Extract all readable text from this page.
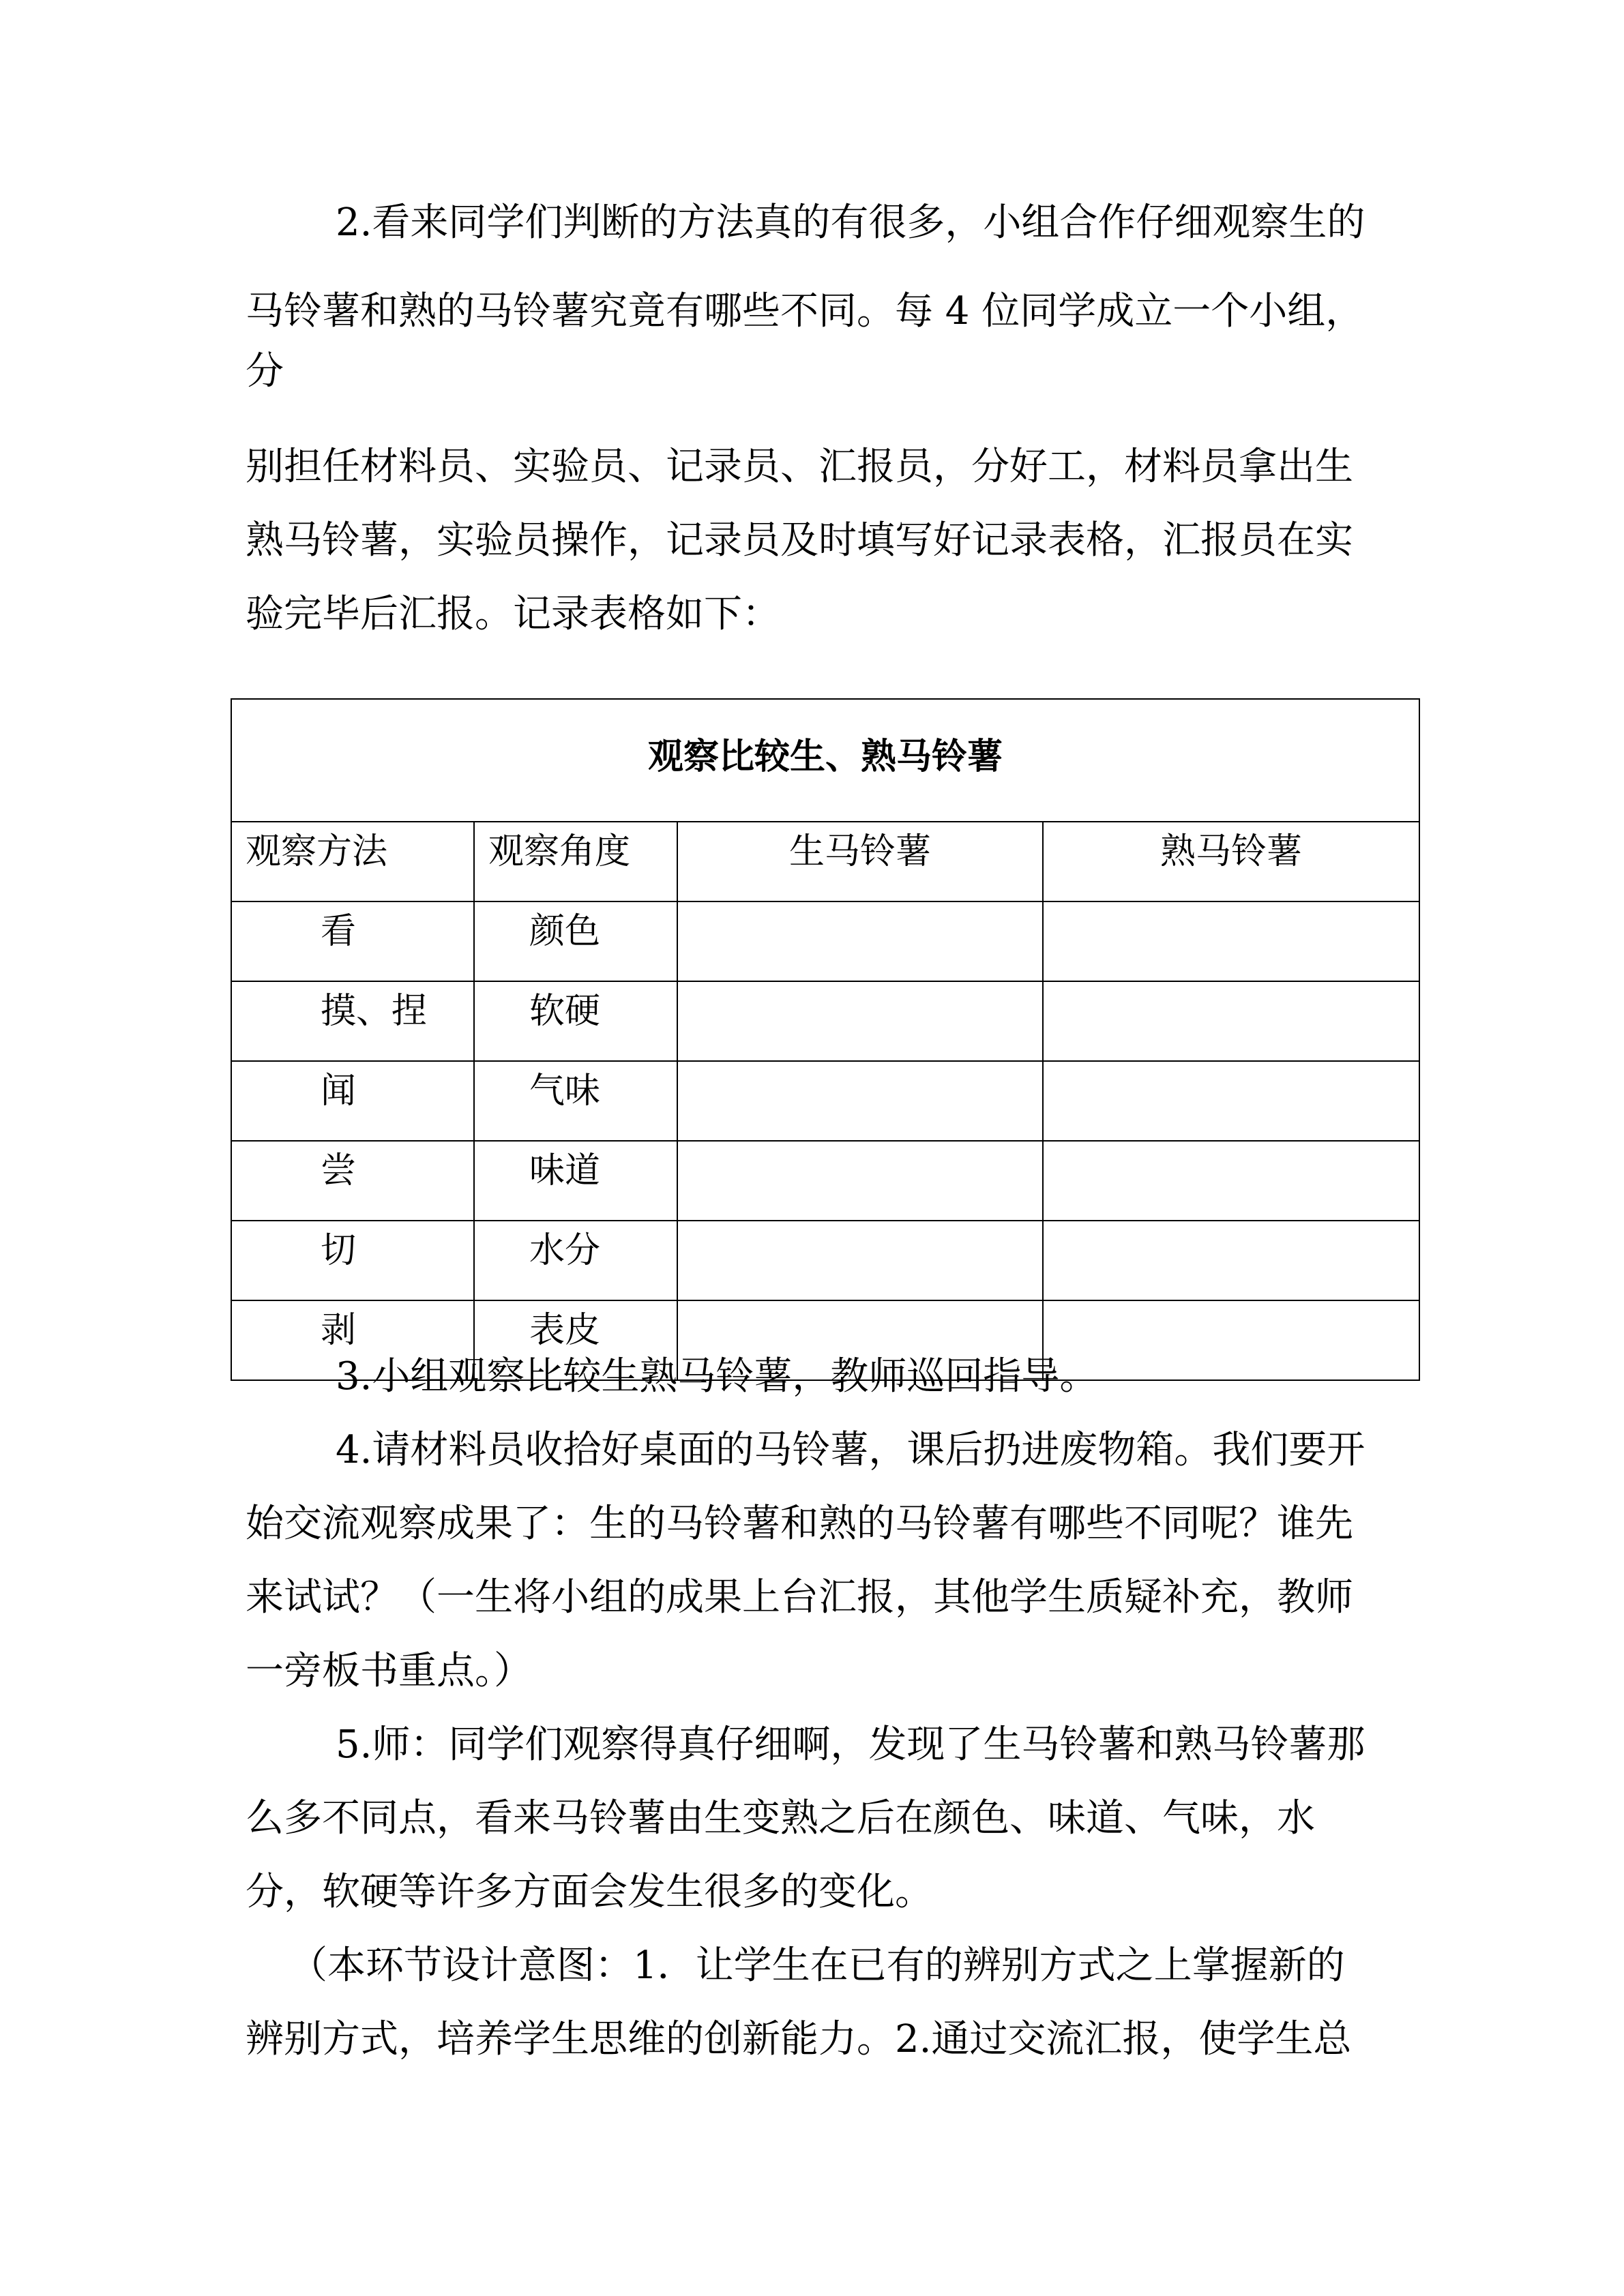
2.看来同学们判断的方法真的有很多，小组合作仔细观察生的
马铃薯和熟的马铃薯究竟有哪些不同。每 4 位同学成立一个小组，
分
别担任材料员、实验员、记录员、汇报员，分好工，材料员拿出生
熟马铃薯，实验员操作，记录员及时填写好记录表格，汇报员在实
验完毕后汇报。记录表格如下：
观察比较生、熟马铃薯			
观察方法	观察角度	生马铃薯	熟马铃薯
看	颜色		
摸、捏	软硬		
闻	气味		
尝	味道		
切	水分		
剥	表皮		
3.小组观察比较生熟马铃薯，教师巡回指导。
4.请材料员收拾好桌面的马铃薯，课后扔进废物箱。我们要开
始交流观察成果了：生的马铃薯和熟的马铃薯有哪些不同呢？谁先
来试试？（一生将小组的成果上台汇报，其他学生质疑补充，教师
一旁板书重点。）
5.师：同学们观察得真仔细啊，发现了生马铃薯和熟马铃薯那
么多不同点，看来马铃薯由生变熟之后在颜色、味道、气味，水
分，软硬等许多方面会发生很多的变化。
（本环节设计意图：1．让学生在已有的辨别方式之上掌握新的
辨别方式，培养学生思维的创新能力。2.通过交流汇报，使学生总
